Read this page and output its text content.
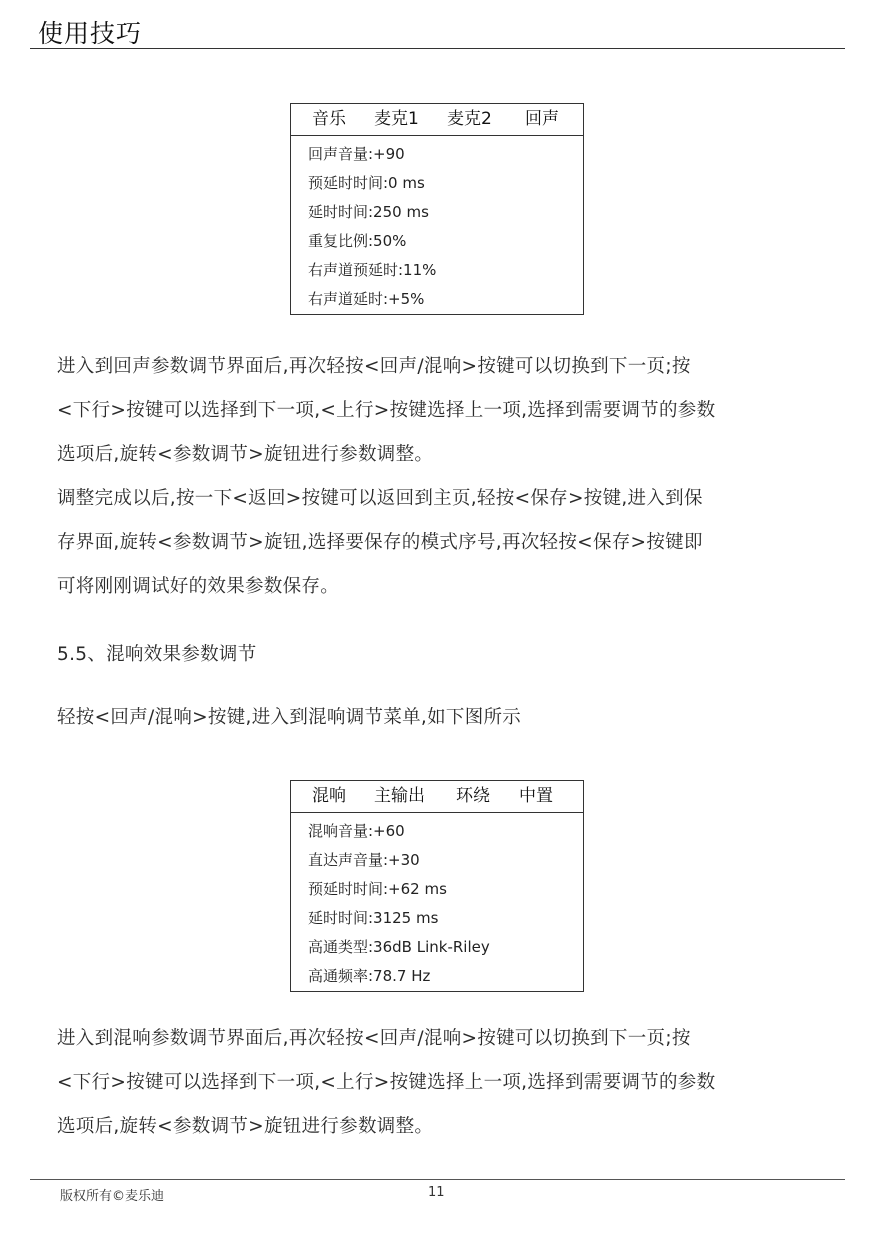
使用技巧
音乐 麦克1 麦克2 回声
回声音量:+90
预延时时间:0 ms
延时时间:250 ms
重复比例:50%
右声道预延时:11%
右声道延时:+5%

进入到回声参数调节界面后,再次轻按<回声/混响>按键可以切换到下一页;按

<下行>按键可以选择到下一项,<上行>按键选择上一项,选择到需要调节的参数

选项后,旋转<参数调节>旋钮进行参数调整。

调整完成以后,按一下<返回>按键可以返回到主页,轻按<保存>按键,进入到保

存界面,旋转<参数调节>旋钮,选择要保存的模式序号,再次轻按<保存>按键即

可将刚刚调试好的效果参数保存。

5.5、混响效果参数调节
轻按<回声/混响>按键,进入到混响调节菜单,如下图所示
混响 主输出 环绕 中置
混响音量:+60
直达声音量:+30
预延时时间:+62 ms
延时时间:3125 ms
高通类型:36dB Link-Riley
高通频率:78.7 Hz

进入到混响参数调节界面后,再次轻按<回声/混响>按键可以切换到下一页;按

<下行>按键可以选择到下一项,<上行>按键选择上一项,选择到需要调节的参数

选项后,旋转<参数调节>旋钮进行参数调整。

版权所有©麦乐迪	11
